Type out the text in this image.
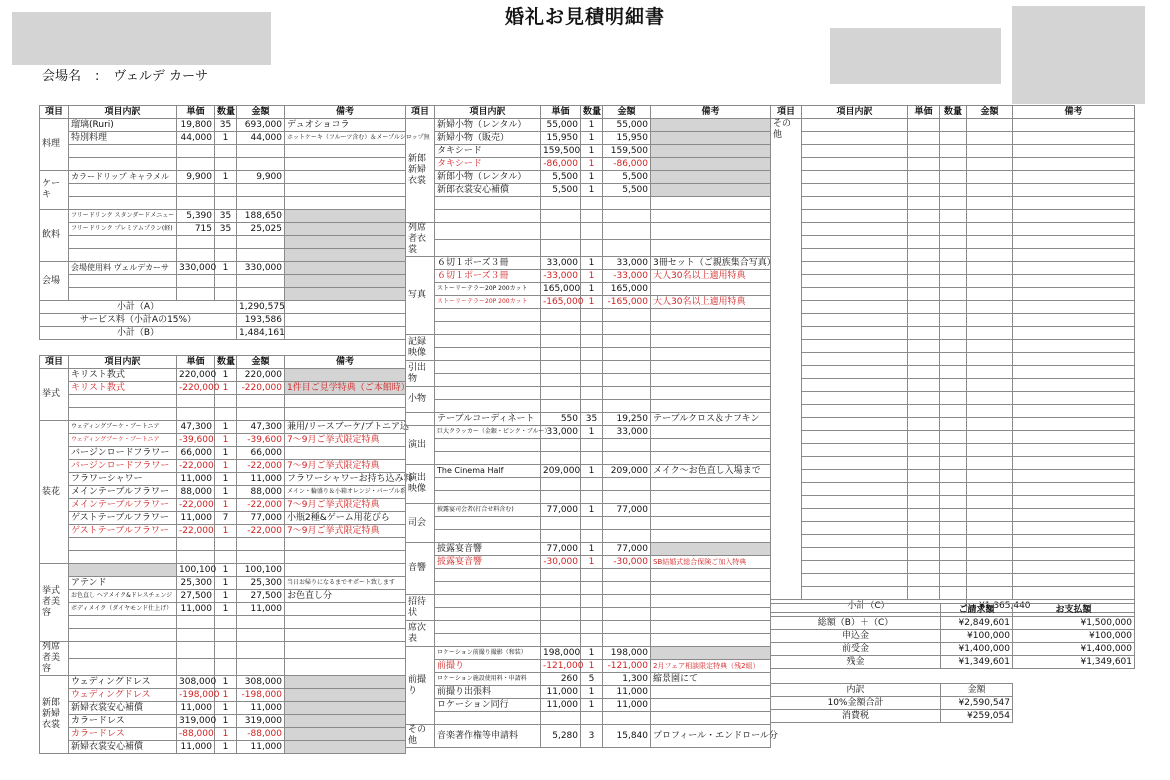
婚礼お見積明細書
会場名 : ヴェルデ カーサ
項目	項目内訳	単価	数量	金額	備考
料理	瑠璃(Ruri)	19,800	35	693,000	デュオショコラ
	特別料理	44,000	1	44,000	ホットケーキ（フルーツ含む）＆メープルシロップ無

ケーキ	カラードリップ キャラメル	9,900	1	9,900	

飲料	フリードリンク スタンダードメニュー	5,390	35	188,650	
	フリードリンク プレミアムプラン(軽)	715	35	25,025	

会場	会場使用料 ヴェルデカーサ	330,000	1	330,000	

小計（A）				1,290,575	
サービス料（小計Aの15%）				193,586	
小計（B）				1,484,161	
項目	項目内訳	単価	数量	金額	備考
挙式	キリスト教式	220,000	1	220,000	
	キリスト教式	-220,000	1	-220,000	1件目ご見学特典（ご本館時）

装花	ウェディングブーケ・ブートニア	47,300	1	47,300	兼用/リースブーケ/ブトニア込
	ウェディングブーケ・ブートニア	-39,600	1	-39,600	7～9月ご挙式限定特典
	バージンロードフラワー	66,000	1	66,000	
	バージンロードフラワー	-22,000	1	-22,000	7～9月ご挙式限定特典
	フラワーシャワー	11,000	1	11,000	フラワーシャワーお持ち込み料
	メインテーブルフラワー	88,000	1	88,000	メイン・輪盛り＆小箱オレンジ・パープル系
	メインテーブルフラワー	-22,000	1	-22,000	7～9月ご挙式限定特典
	ゲストテーブルフラワー	11,000	7	77,000	小瓶2種&ゲーム用花びら
	ゲストテーブルフラワー	-22,000	1	-22,000	7～9月ご挙式限定特典

挙式者美容		100,100	1	100,100	
	アテンド	25,300	1	25,300	当日お帰りになるまでサポート致します
	お色直し ヘアメイク&ドレスチェンジ	27,500	1	27,500	お色直し分
	ボディメイク（ダイヤモンド仕上げ）	11,000	1	11,000	

列席者美容					

新郎新婦衣裳	ウェディングドレス	308,000	1	308,000	
	ウェディングドレス	-198,000	1	-198,000	
	新婦衣裳安心補償	11,000	1	11,000	
	カラードレス	319,000	1	319,000	
	カラードレス	-88,000	1	-88,000	
	新婦衣裳安心補償	11,000	1	11,000	
項目	項目内訳	単価	数量	金額	備考
新郎新婦衣裳	新婦小物（レンタル）	55,000	1	55,000	
	新婦小物（販売）	15,950	1	15,950	
	タキシード	159,500	1	159,500	
	タキシード	-86,000	1	-86,000	
	新郎小物（レンタル）	5,500	1	5,500	
	新郎衣裳安心補償	5,500	1	5,500	

列席者衣裳					

写真	６切１ポーズ３冊	33,000	1	33,000	3冊セット（ご親族集合写真）
	６切１ポーズ３冊	-33,000	1	-33,000	大人30名以上適用特典
	ストーリーテラー20P 200カット	165,000	1	165,000	
	ストーリーテラー20P 200カット	-165,000	1	-165,000	大人30名以上適用特典

記録映像					

引出物					

小物					

	テーブルコーディネート	550	35	19,250	テーブルクロス＆ナフキン
演出	巨大クラッカー（金銀・ピンク・ブルー）	33,000	1	33,000	

演出映像	The Cinema Half	209,000	1	209,000	メイク～お色直し入場まで

司会	披露宴司会者(打合せ料含む)	77,000	1	77,000	

音響	披露宴音響	77,000	1	77,000	
	披露宴音響	-30,000	1	-30,000	SB結婚式総合保険ご加入特典

招待状					

席次表					

前撮り	ロケーション前撮り撮影（和装）	198,000	1	198,000	
	前撮り	-121,000	1	-121,000	2月フェア相談限定特典（残2組）
	ロケーション施設使用料・申請料	260	5	1,300	縮景園にて
	前撮り出張料	11,000	1	11,000	
	ロケーション同行	11,000	1	11,000	

その他	音楽著作権等申請料	5,280	3	15,840	プロフィール・エンドロール分
項目	項目内訳	単価	数量	金額	備考
その他					

小計（C）				¥1,365,440	
	ご請求額	お支払額
総額（B）＋（C）	¥2,849,601	¥1,500,000
申込金	¥100,000	¥100,000
前受金	¥1,400,000	¥1,400,000
残金	¥1,349,601	¥1,349,601
内訳	金額
10%金額合計	¥2,590,547
消費税	¥259,054
